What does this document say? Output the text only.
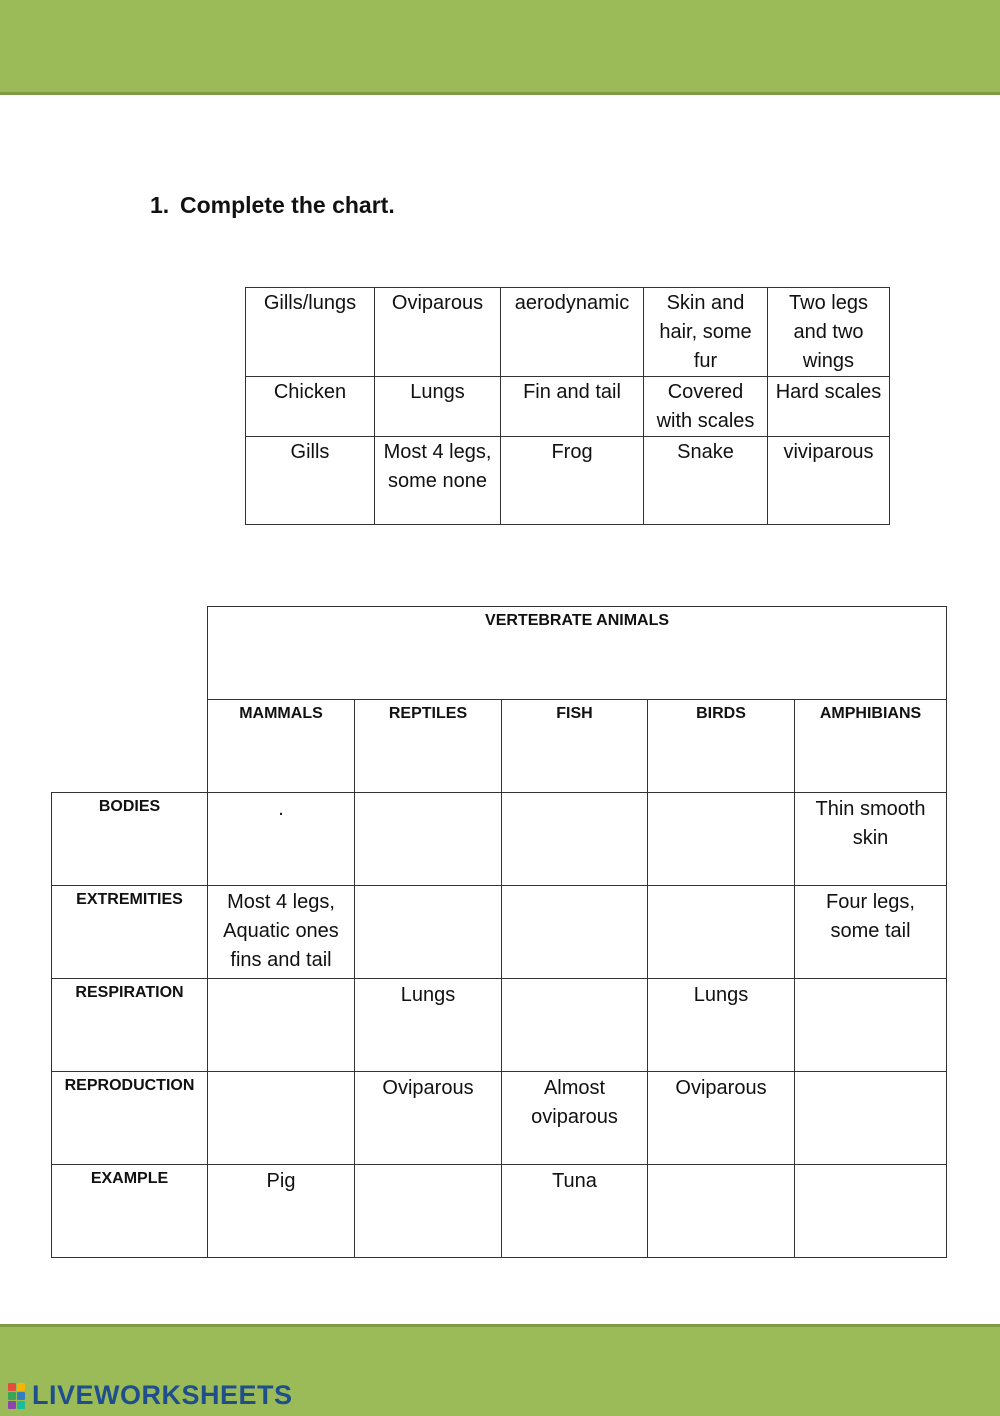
1. Complete the chart.
Gills/lungs	Oviparous	aerodynamic	Skin and hair, some fur	Two legs and two wings
Chicken	Lungs	Fin and tail	Covered with scales	Hard scales
Gills	Most 4 legs, some none	Frog	Snake	viviparous
	VERTEBRATE ANIMALS				
	MAMMALS	REPTILES	FISH	BIRDS	AMPHIBIANS
BODIES	.				Thin smooth skin
EXTREMITIES	Most 4 legs, Aquatic ones fins and tail				Four legs, some tail
RESPIRATION		Lungs		Lungs	
REPRODUCTION		Oviparous	Almost oviparous	Oviparous	
EXAMPLE	Pig		Tuna		
LIVEWORKSHEETS
